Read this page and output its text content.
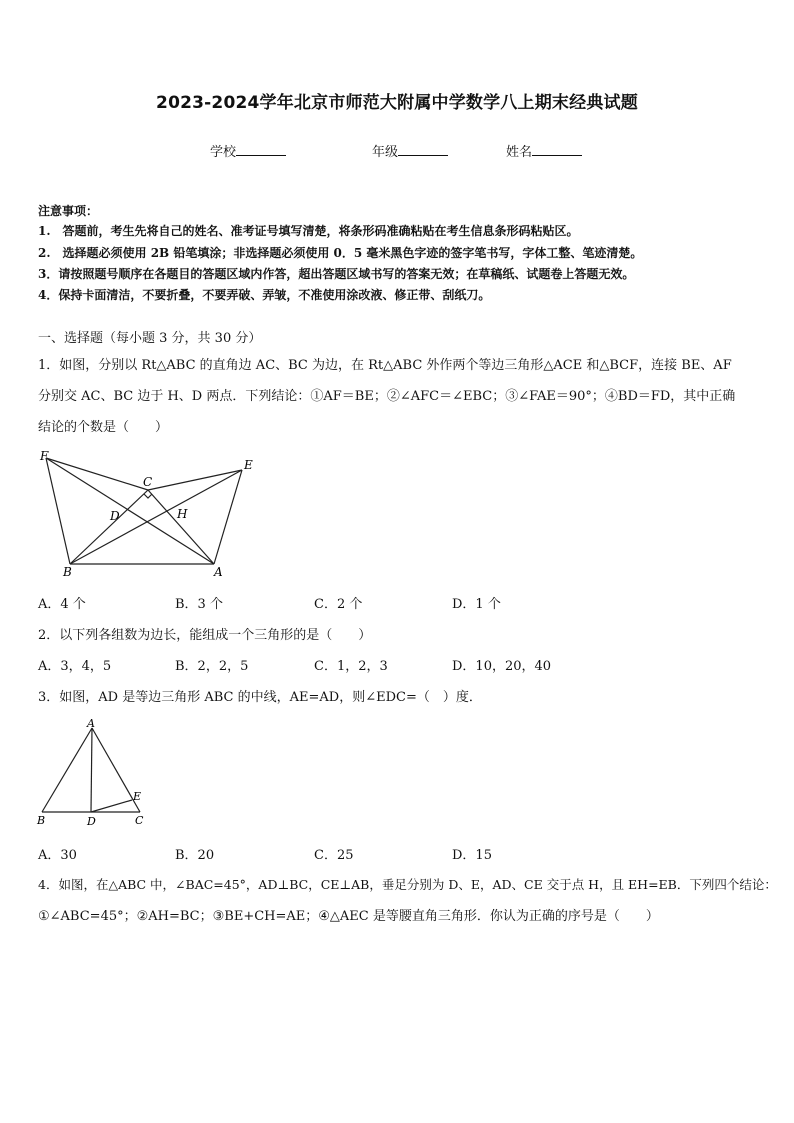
2023-2024学年北京市师范大附属中学数学八上期末经典试题
学校	年级	姓名
注意事项：
1.　答题前，考生先将自己的姓名、准考证号填写清楚，将条形码准确粘贴在考生信息条形码粘贴区。
2.　选择题必须使用 2B 铅笔填涂；非选择题必须使用 0．5 毫米黑色字迹的签字笔书写，字体工整、笔迹清楚。
3．请按照题号顺序在各题目的答题区域内作答，超出答题区域书写的答案无效；在草稿纸、试题卷上答题无效。
4．保持卡面清洁，不要折叠，不要弄破、弄皱，不准使用涂改液、修正带、刮纸刀。
一、选择题（每小题 3 分，共 30 分）
1．如图，分别以 Rt△ABC 的直角边 AC、BC 为边，在 Rt△ABC 外作两个等边三角形△ACE 和△BCF，连接 BE、AF
分别交 AC、BC 边于 H、D 两点．下列结论：①AF＝BE；②∠AFC＝∠EBC；③∠FAE＝90°；④BD＝FD，其中正确
结论的个数是（　　）
F
E
C
D	H
B	A
A．4 个	B．3 个	C．2 个	D．1 个
2．以下列各组数为边长，能组成一个三角形的是（　　）
A．3，4，5	B．2，2，5	C．1，2，3	D．10，20，40
3．如图，AD 是等边三角形 ABC 的中线，AE=AD，则∠EDC=（　）度．
A
E
B	D	C
A．30	B．20	C．25	D．15
4．如图，在△ABC 中，∠BAC=45°，AD⊥BC，CE⊥AB，垂足分别为 D、E，AD、CE 交于点 H，且 EH=EB．下列四个结论：
①∠ABC=45°；②AH=BC；③BE+CH=AE；④△AEC 是等腰直角三角形．你认为正确的序号是（　　）
